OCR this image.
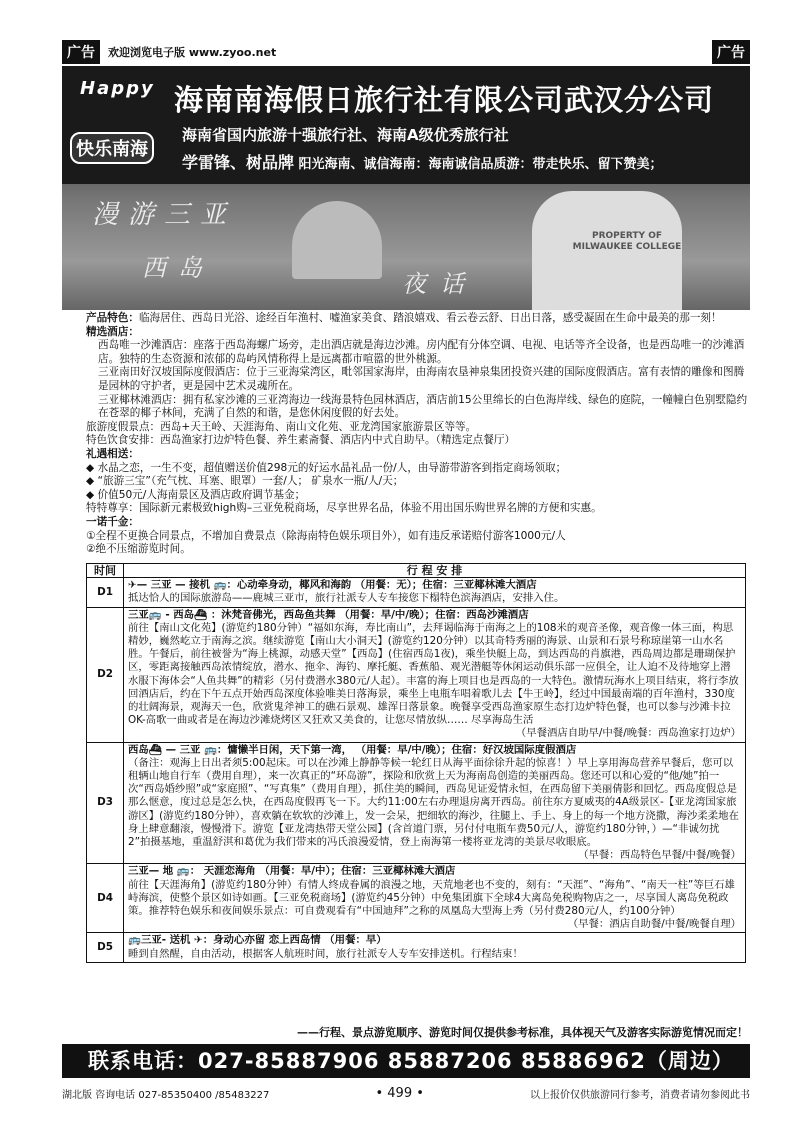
广告	欢迎浏览电子版 www.zyoo.net	广告
Happy
快乐南海
海南南海假日旅行社有限公司武汉分公司
海南省国内旅游十强旅行社、海南A级优秀旅行社
学雷锋、树品牌 阳光海南、诚信海南：海南诚信品质游：带走快乐、留下赞美；
PROPERTY OF MILWAUKEE COLLEGE
漫游三亚
西岛
夜话

产品特色：临海居住、西岛日光浴、途经百年渔村、嘘渔家美食、踏浪嬉戏、看云卷云舒、日出日落，感受凝固在生命中最美的那一刻！

精选酒店：

西岛唯一沙滩酒店：座落于西岛海螺广场旁，走出酒店就是海边沙滩。房内配有分体空调、电视、电话等齐全设备，也是西岛唯一的沙滩酒店。独特的生态资源和浓郁的岛屿风情称得上是远离都市喧嚣的世外桃源。

三亚南田好汉坡国际度假酒店：位于三亚海棠湾区，毗邻国家海岸，由海南农垦神泉集团投资兴建的国际度假酒店。富有表情的雕像和图腾是园林的守护者，更是园中艺术灵魂所在。

三亚椰林滩酒店：拥有私家沙滩的三亚湾海边一线海景特色园林酒店，酒店前15公里绵长的白色海岸线、绿色的庭院，一幢幢白色别墅隐约在苍翠的椰子林间，充满了自然的和谐，是您休闲度假的好去处。

旅游度假景点：西岛+天王岭、天涯海角、南山文化苑、亚龙湾国家旅游景区等等。

特色饮食安排：西岛渔家打边炉特色餐、养生素斋餐、酒店内中式自助早。（精选定点餐厅）

礼遇相送：

◆ 水晶之恋，一生不变，超值赠送价值298元的好运水晶礼品一份/人，由导游带游客到指定商场领取；

◆ “旅游三宝”（充气枕、耳塞、眼罩）一套/人； 矿泉水一瓶/人/天；

◆ 价值50元/人海南景区及酒店政府调节基金；

特特尊享：国际新元素极致high购–三亚免税商场，尽享世界名品，体验不用出国乐购世界名牌的方便和实惠。

一诺千金：

①全程不更换合同景点，不增加自费景点（除海南特色娱乐项目外），如有违反承诺赔付游客1000元/人

②绝不压缩游览时间。

时间	行 程 安 排
D1	✈— 三亚 — 接机 🚌：心动牵身动，椰风和海韵 （用餐：无）；住宿：三亚椰林滩大酒店
抵达恰人的国际旅游岛——鹿城三亚市，旅行社派专人专车接您下榻特色滨海酒店，安排入住。

D2	三亚🚌 - 西岛⛴ ：沐梵音佛光，西岛鱼共舞 （用餐：早/中/晚）；住宿：西岛沙滩酒店
前往【南山文化苑】(游览约180分钟）“福如东海，寿比南山”，去拜谒临海于南海之上的108米的观音圣像，观音像一体三面，构思精妙，巍然屹立于南海之滨。继续游览【南山大小洞天】(游览约120分钟）以其奇特秀丽的海景、山景和石景号称琼崖第一山水名胜。午餐后，前往被誉为“海上桃源，动感天堂”【西岛】(住宿西岛1夜)，乘坐快艇上岛，到达西岛的肖旗港，西岛周边都是珊瑚保护区，零距离接触西岛浓情绽放，潜水、拖伞、海钓、摩托艇、香蕉船、观光潜艇等休闲运动俱乐部一应俱全，让人迫不及待地穿上潜水服下海体会“人鱼共舞”的精彩（另付费潜水380元/人起）。丰富的海上项目也是西岛的一大特色。激情玩海水上项目结束，将行李放回酒店后，约在下午五点开始西岛深度体验唯美日落海景，乘坐上电瓶车唱着歌儿去【牛王岭】，经过中国最南端的百年渔村，330度的壮阔海景，观海天一色，欣赏鬼斧神工的礁石景观、雄浑日落景象。晚餐享受西岛渔家原生态打边炉特色餐，也可以参与沙滩卡拉OK-高歌一曲或者是在海边沙滩烧烤区又狂欢又美食的，让您尽情放纵…… 尽享海岛生活
（早餐酒店自助早/中餐/晚餐：西岛渔家打边炉）

D3	西岛⛴ — 三亚 🚌：慵懒半日闲，天下第一湾， （用餐：早/中/晚）；住宿：好汉坡国际度假酒店
（备注：观海上日出者须5:00起床。可以在沙滩上静静等候一轮红日从海平面徐徐升起的惊喜！）早上享用海岛营养早餐后，您可以租辆山地自行车（费用自理），来一次真正的“环岛游”，探险和欣赏上天为海南岛创造的美丽西岛。您还可以和心爱的“他/她”拍一次“西岛婚纱照”或“家庭照”、“写真集”（费用自理），抓住美的瞬间，西岛见证爱情永恒，在西岛留下美丽倩影和回忆。西岛度假总是那么惬意，度过总是怎么快，在西岛度假再飞一下。大约11:00左右办理退房离开西岛。前往东方夏威夷的4A级景区-【亚龙湾国家旅游区】(游览约180分钟），喜欢躺在软软的沙滩上，发一会呆，把细软的海沙，往腿上、手上、身上的每一个地方浇撒，海沙柔柔地在身上肆意翻滚，慢慢滑下。游览【亚龙湾热带天堂公园】(含首道门票，另付付电瓶车费50元/人，游览约180分钟，）—“非诚勿扰2”拍摄基地，重温舒淇和葛优为我们带来的冯氏浪漫爱情，登上南海第一楼将亚龙湾的美景尽收眼底。
（早餐：西岛特色早餐/中餐/晚餐）

D4	三亚— 地 🚌： 天涯恋海角 （用餐：早/中）；住宿：三亚椰林滩大酒店
前往【天涯海角】(游览约180分钟）有情人终成眷属的浪漫之地，天荒地老也不变的，刻有：“天涯”、“海角”、“南天一柱”等巨石雄峙海滨，使整个景区如诗如画。【三亚免税商场】(游览约45分钟）中免集团旗下全球4大离岛免税购物店之一，尽享国人离岛免税政策。推荐特色娱乐和夜间娱乐景点：可自费观看有“中国迪拜”之称的凤凰岛大型海上秀（另付费280元/人，约100分钟）
（早餐：酒店自助餐/中餐/晚餐自理）

D5	🚌三亚- 送机 ✈：身动心亦留 恋上西岛情 （用餐：早）
睡到自然醒，自由活动，根据客人航班时间，旅行社派专人专车安排送机。行程结束！
——行程、景点游览顺序、游览时间仅提供参考标准，具体视天气及游客实际游览情况而定！
联系电话：027-85887906 85887206 85886962（周边）
湖北版 咨询电话 027-85350400 /85483227	• 499 •	以上报价仅供旅游同行参考，消费者请勿参阅此书
